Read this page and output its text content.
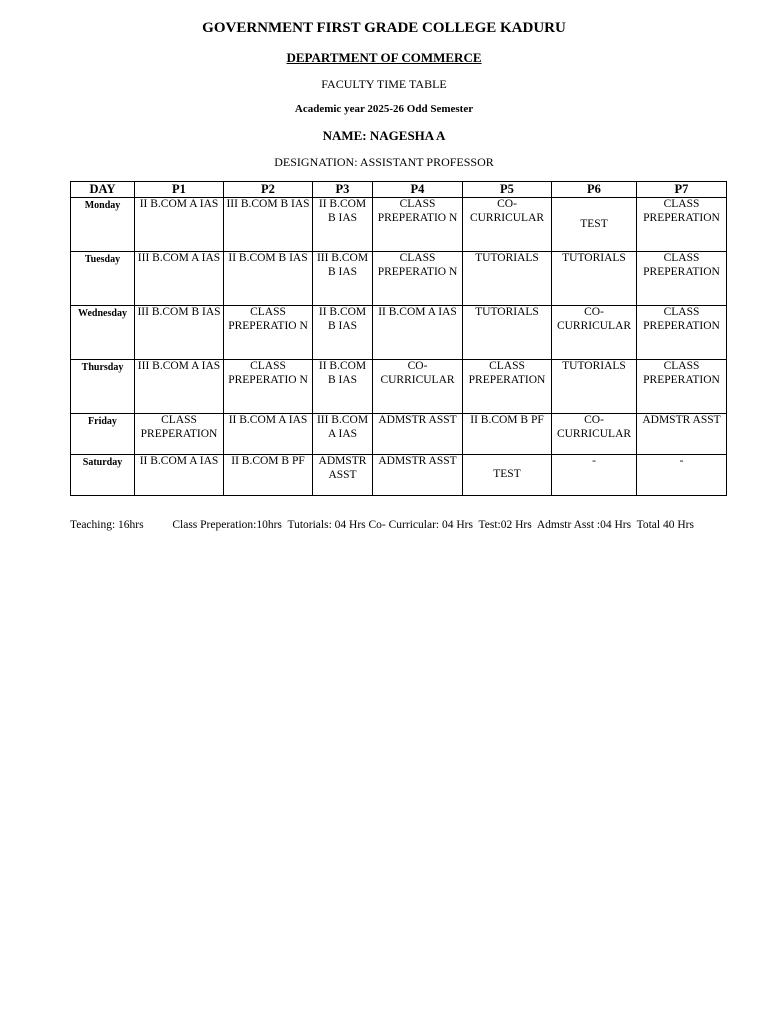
GOVERNMENT FIRST GRADE COLLEGE KADURU
DEPARTMENT OF COMMERCE
FACULTY TIME TABLE
Academic year 2025-26 Odd Semester
NAME: NAGESHA A
DESIGNATION: ASSISTANT PROFESSOR
DAY	P1	P2	P3	P4	P5	P6	P7
Monday	II B.COM A IAS	III B.COM B IAS	II B.COM B IAS	CLASS PREPERATIO N	CO- CURRICULAR	TEST	CLASS PREPERATION
Tuesday	III B.COM A IAS	II B.COM B IAS	III B.COM B IAS	CLASS PREPERATIO N	TUTORIALS	TUTORIALS	CLASS PREPERATION
Wednesday	III B.COM B IAS	CLASS PREPERATIO N	II B.COM B IAS	II B.COM A IAS	TUTORIALS	CO- CURRICULAR	CLASS PREPERATION
Thursday	III B.COM A IAS	CLASS PREPERATIO N	II B.COM B IAS	CO- CURRICULAR	CLASS PREPERATION	TUTORIALS	CLASS PREPERATION
Friday	CLASS PREPERATION	II B.COM A IAS	III B.COM A IAS	ADMSTR ASST	II B.COM B PF	CO- CURRICULAR	ADMSTR ASST
Saturday	II B.COM A IAS	II B.COM B PF	ADMSTR ASST	ADMSTR ASST	TEST	-	-
Teaching: 16hrs	Class Preperation:10hrs Tutorials: 04 Hrs Co- Curricular: 04 Hrs Test:02 Hrs Admstr Asst :04 Hrs Total 40 Hrs
